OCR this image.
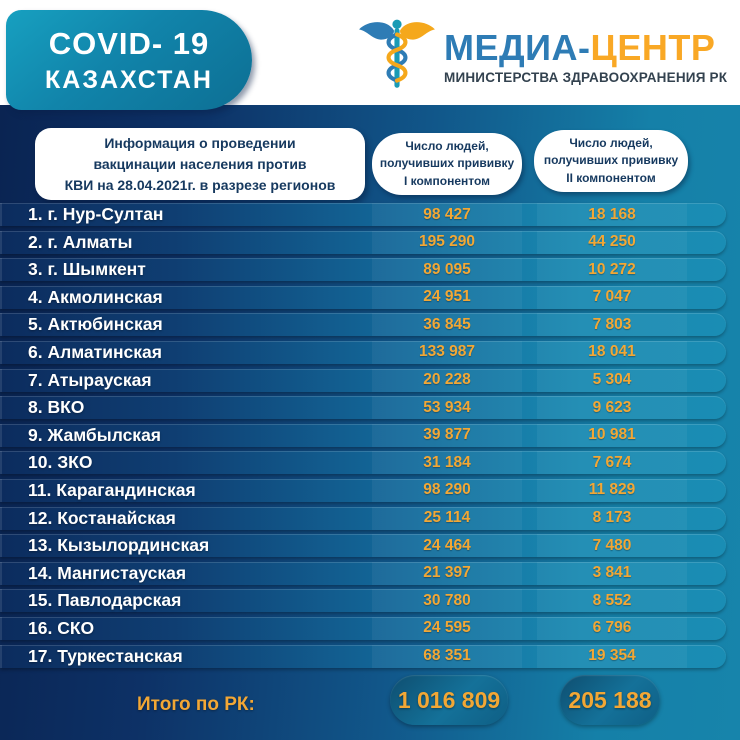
COVID- 19
КАЗАХСТАН
МЕДИА-ЦЕНТР
МИНИСТЕРСТВА ЗДРАВООХРАНЕНИЯ РК
Информация о проведении
вакцинации населения против
КВИ на 28.04.2021г. в разрезе регионов
Число людей,
получивших прививку
I компонентом
Число людей,
получивших прививку
II компонентом
1. г. Нур-Султан	98 427	18 168
2. г. Алматы	195 290	44 250
3. г. Шымкент	89 095	10 272
4. Акмолинская	24 951	7 047
5. Актюбинская	36 845	7 803
6. Алматинская	133 987	18 041
7. Атырауская	20 228	5 304
8. ВКО	53 934	9 623
9. Жамбылская	39 877	10 981
10. ЗКО	31 184	7 674
11. Карагандинская	98 290	11 829
12. Костанайская	25 114	8 173
13. Кызылординская	24 464	7 480
14. Мангистауская	21 397	3 841
15. Павлодарская	30 780	8 552
16. СКО	24 595	6 796
17. Туркестанская	68 351	19 354
Итого по РК:	1 016 809	205 188
